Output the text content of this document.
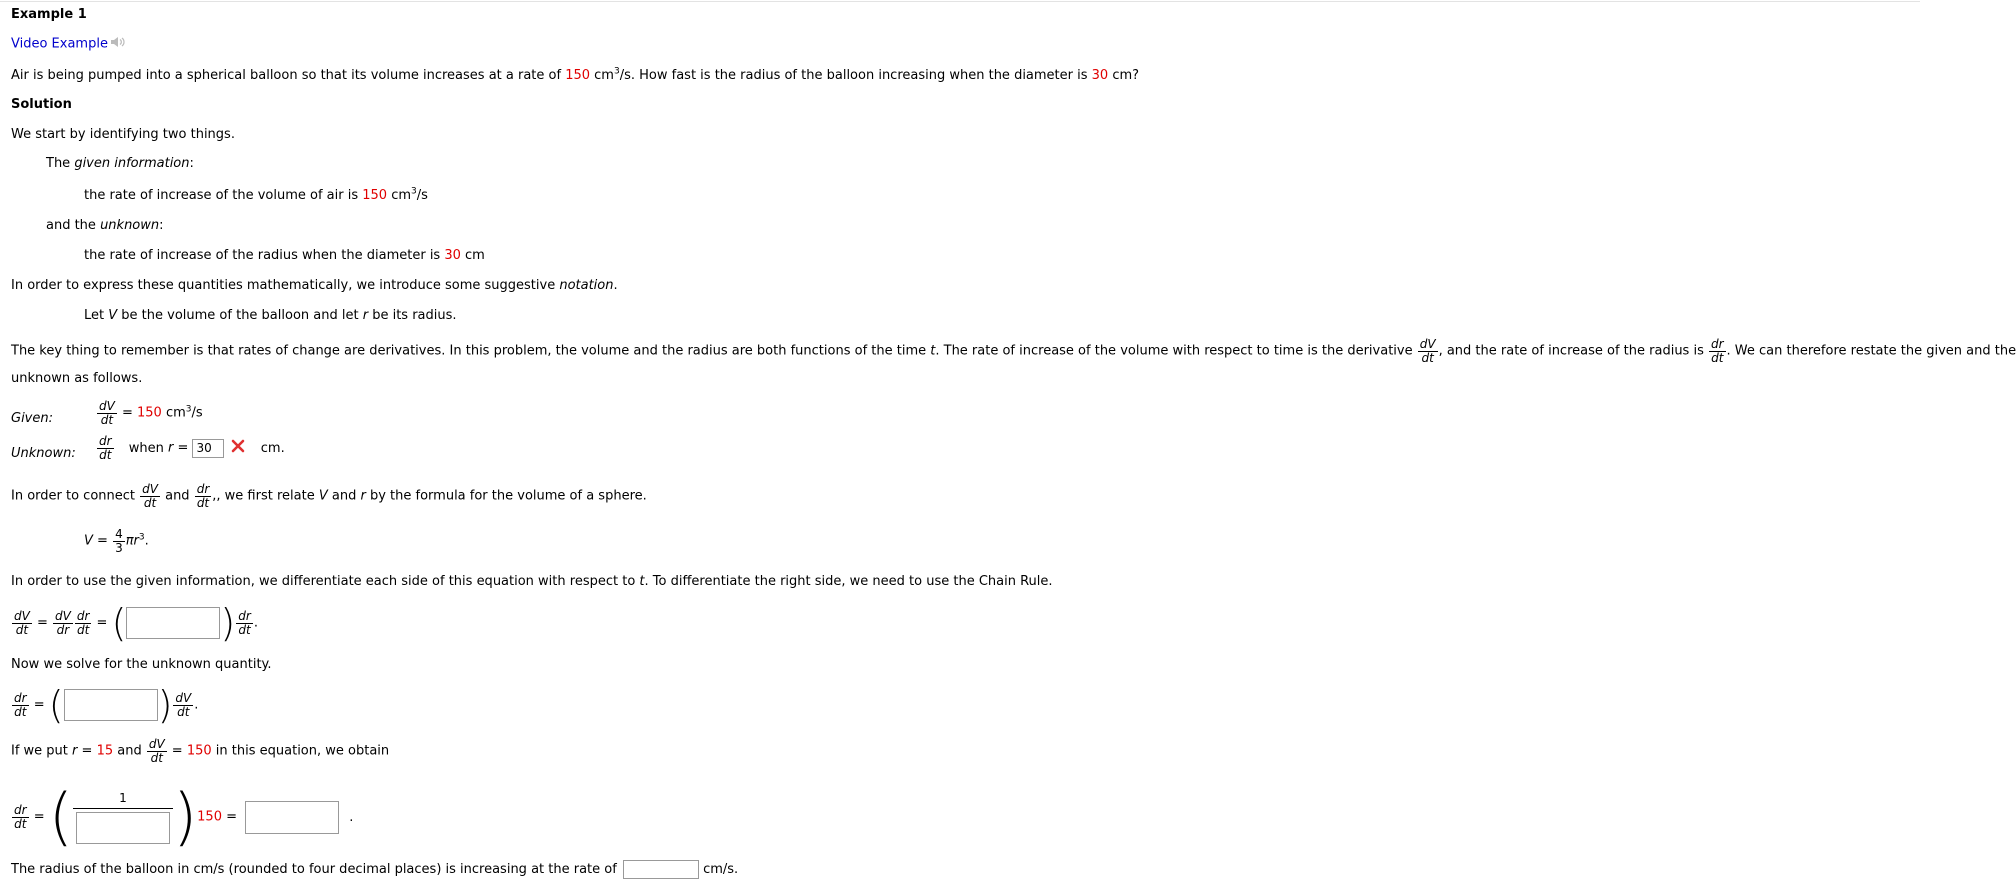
Example 1
Video Example
Air is being pumped into a spherical balloon so that its volume increases at a rate of 150 $cm^3/s$. How fast is the radius of the balloon increasing when the diameter is 30 cm?
Solution
We start by identifying two things.
The given information:
the rate of increase of the volume of air is 150 $cm^3/s$
and the unknown:
the rate of increase of the radius when the diameter is 30 cm
In order to express these quantities mathematically, we introduce some suggestive notation.
Let V be the volume of the balloon and let r be its radius.
The key thing to remember is that rates of change are derivatives. In this problem, the volume and the radius are both functions of the time t. The rate of increase of the volume with respect to time is the derivative $\frac{dV}{dt}$ , and the rate of increase of the radius is $\frac{dr}{dt}$ . We can therefore restate the given and the
unknown as follows.
Given:	$\frac{dV}{dt} = 150$ $cm^3/s$
Unknown: $\frac{dr}{dt}$ when r = 30	cm.
In order to connect $\frac{dV}{dt}$ and $\frac{dr}{dt}$ ,, we first relate V and r by the formula for the volume of a sphere.
$V = \frac{4}{3} \pi r^3$.
In order to use the given information, we differentiate each side of this equation with respect to t. To differentiate the right side, we need to use the Chain Rule.
$\frac{dV}{dt} = \frac{dV}{dr} \frac{dr}{dt}$ = ( ) $\frac{dr}{dt}$ .
Now we solve for the unknown quantity.
$\frac{dr}{dt}$ = ( ) $\frac{dV}{dt}$ .
If we put r = 15 and $\frac{dV}{dt} = 150$ in this equation, we obtain
$\frac{dr}{dt}$ = (	1 )150 =	.
The radius of the balloon in cm/s (rounded to four decimal places) is increasing at the rate of	cm/s.
